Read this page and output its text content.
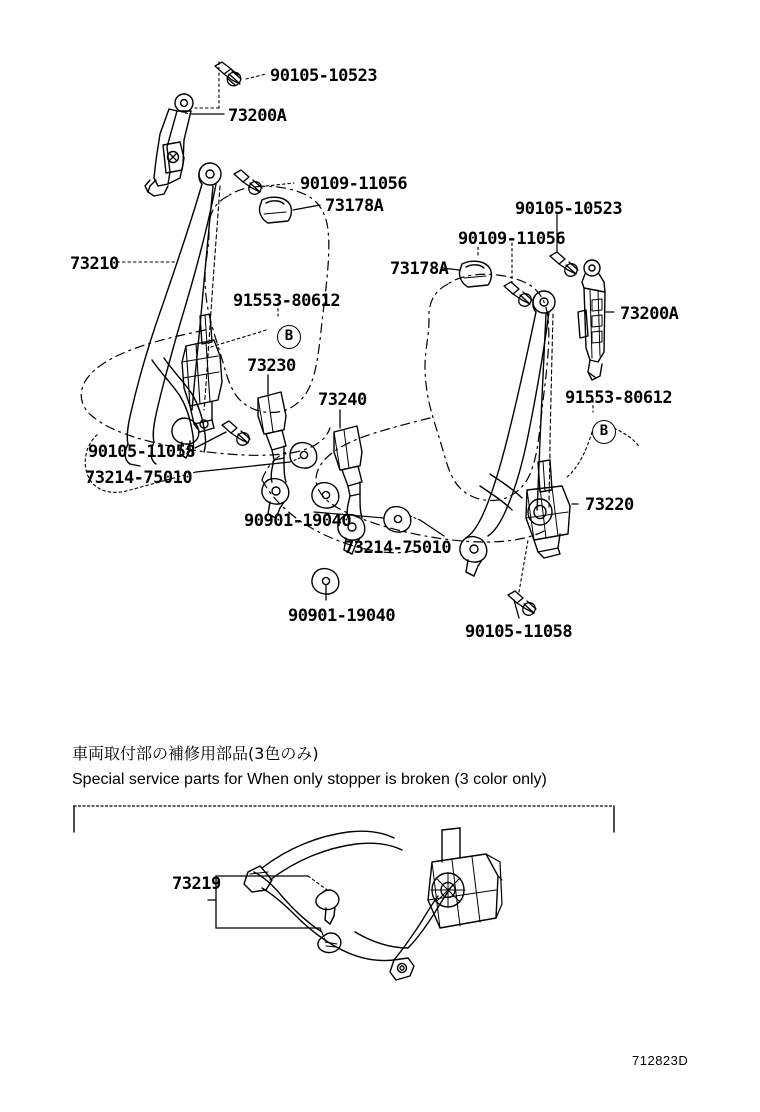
90105-10523
73200A
90109-11056
73178A
73210
90105-10523
90109-11056
73178A
73200A
91553-80612
91553-80612
73230
73240
90105-11058
73214-75010
90901-19040
73214-75010
73220
90901-19040
90105-11058
73219
B
B
車両取付部の補修用部品(3色のみ)
Special service parts for When only stopper is broken (3 color only)
712823D
